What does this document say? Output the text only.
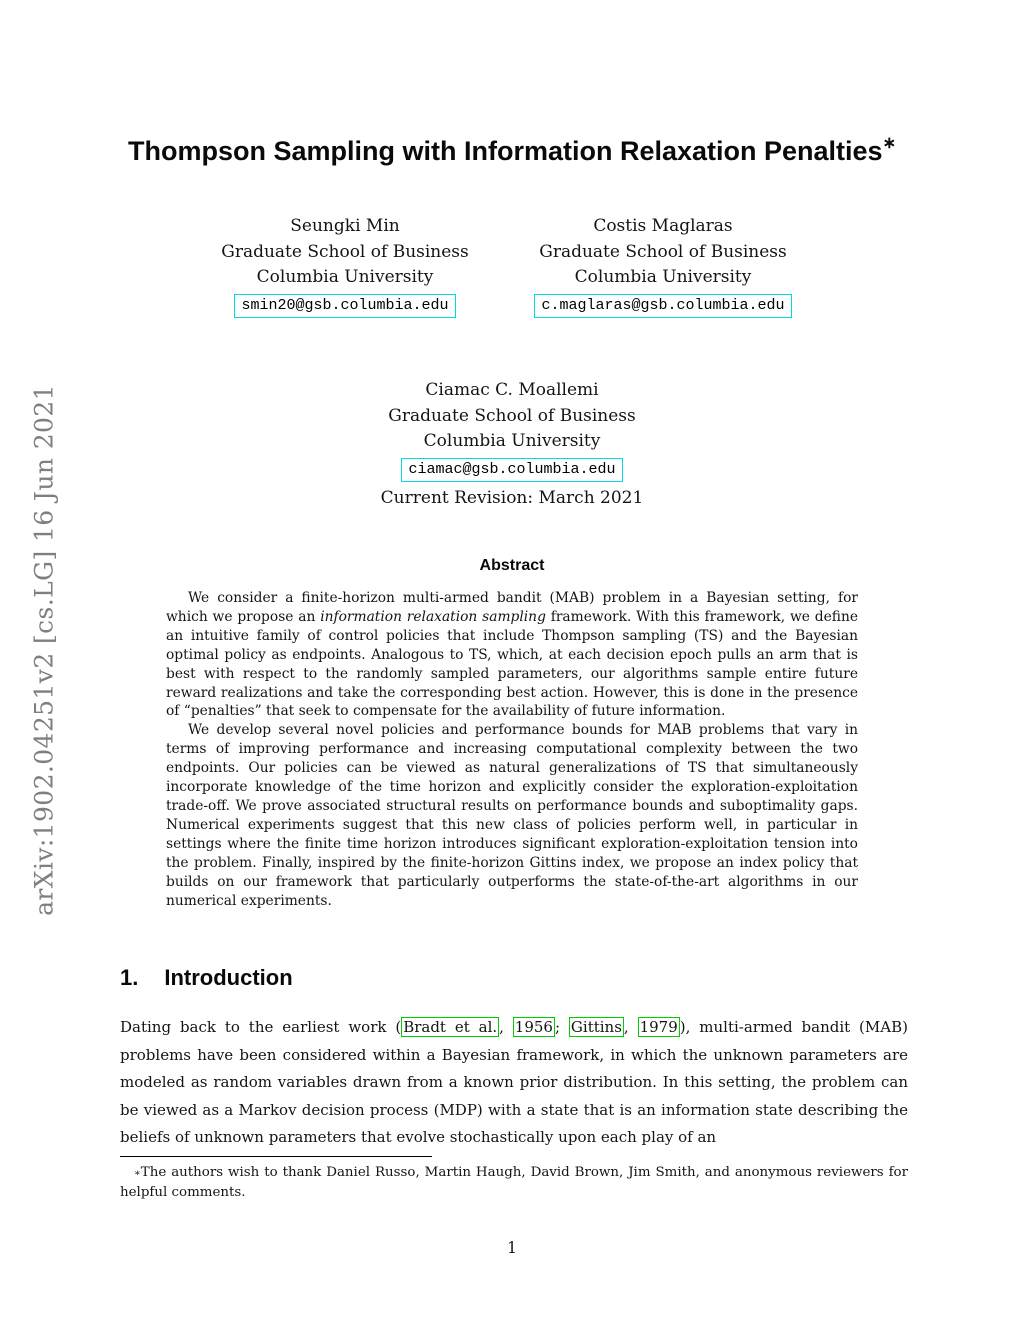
arXiv:1902.04251v2 [cs.LG] 16 Jun 2021
Thompson Sampling with Information Relaxation Penalties∗
Seungki Min
Graduate School of Business
Columbia University
smin20@gsb.columbia.edu
Costis Maglaras
Graduate School of Business
Columbia University
c.maglaras@gsb.columbia.edu
Ciamac C. Moallemi
Graduate School of Business
Columbia University
ciamac@gsb.columbia.edu
Current Revision: March 2021
Abstract

We consider a finite-horizon multi-armed bandit (MAB) problem in a Bayesian setting, for which we propose an information relaxation sampling framework. With this framework, we define an intuitive family of control policies that include Thompson sampling (TS) and the Bayesian optimal policy as endpoints. Analogous to TS, which, at each decision epoch pulls an arm that is best with respect to the randomly sampled parameters, our algorithms sample entire future reward realizations and take the corresponding best action. However, this is done in the presence of “penalties” that seek to compensate for the availability of future information.

We develop several novel policies and performance bounds for MAB problems that vary in terms of improving performance and increasing computational complexity between the two endpoints. Our policies can be viewed as natural generalizations of TS that simultaneously incorporate knowledge of the time horizon and explicitly consider the exploration-exploitation trade-off. We prove associated structural results on performance bounds and suboptimality gaps. Numerical experiments suggest that this new class of policies perform well, in particular in settings where the finite time horizon introduces significant exploration-exploitation tension into the problem. Finally, inspired by the finite-horizon Gittins index, we propose an index policy that builds on our framework that particularly outperforms the state-of-the-art algorithms in our numerical experiments.

1. Introduction

Dating back to the earliest work ( Bradt et al. , 1956 ; Gittins , 1979 ), multi-armed bandit (MAB) problems have been considered within a Bayesian framework, in which the unknown parameters are modeled as random variables drawn from a known prior distribution. In this setting, the problem can be viewed as a Markov decision process (MDP) with a state that is an information state describing the beliefs of unknown parameters that evolve stochastically upon each play of an

∗The authors wish to thank Daniel Russo, Martin Haugh, David Brown, Jim Smith, and anonymous reviewers for helpful comments.
1
